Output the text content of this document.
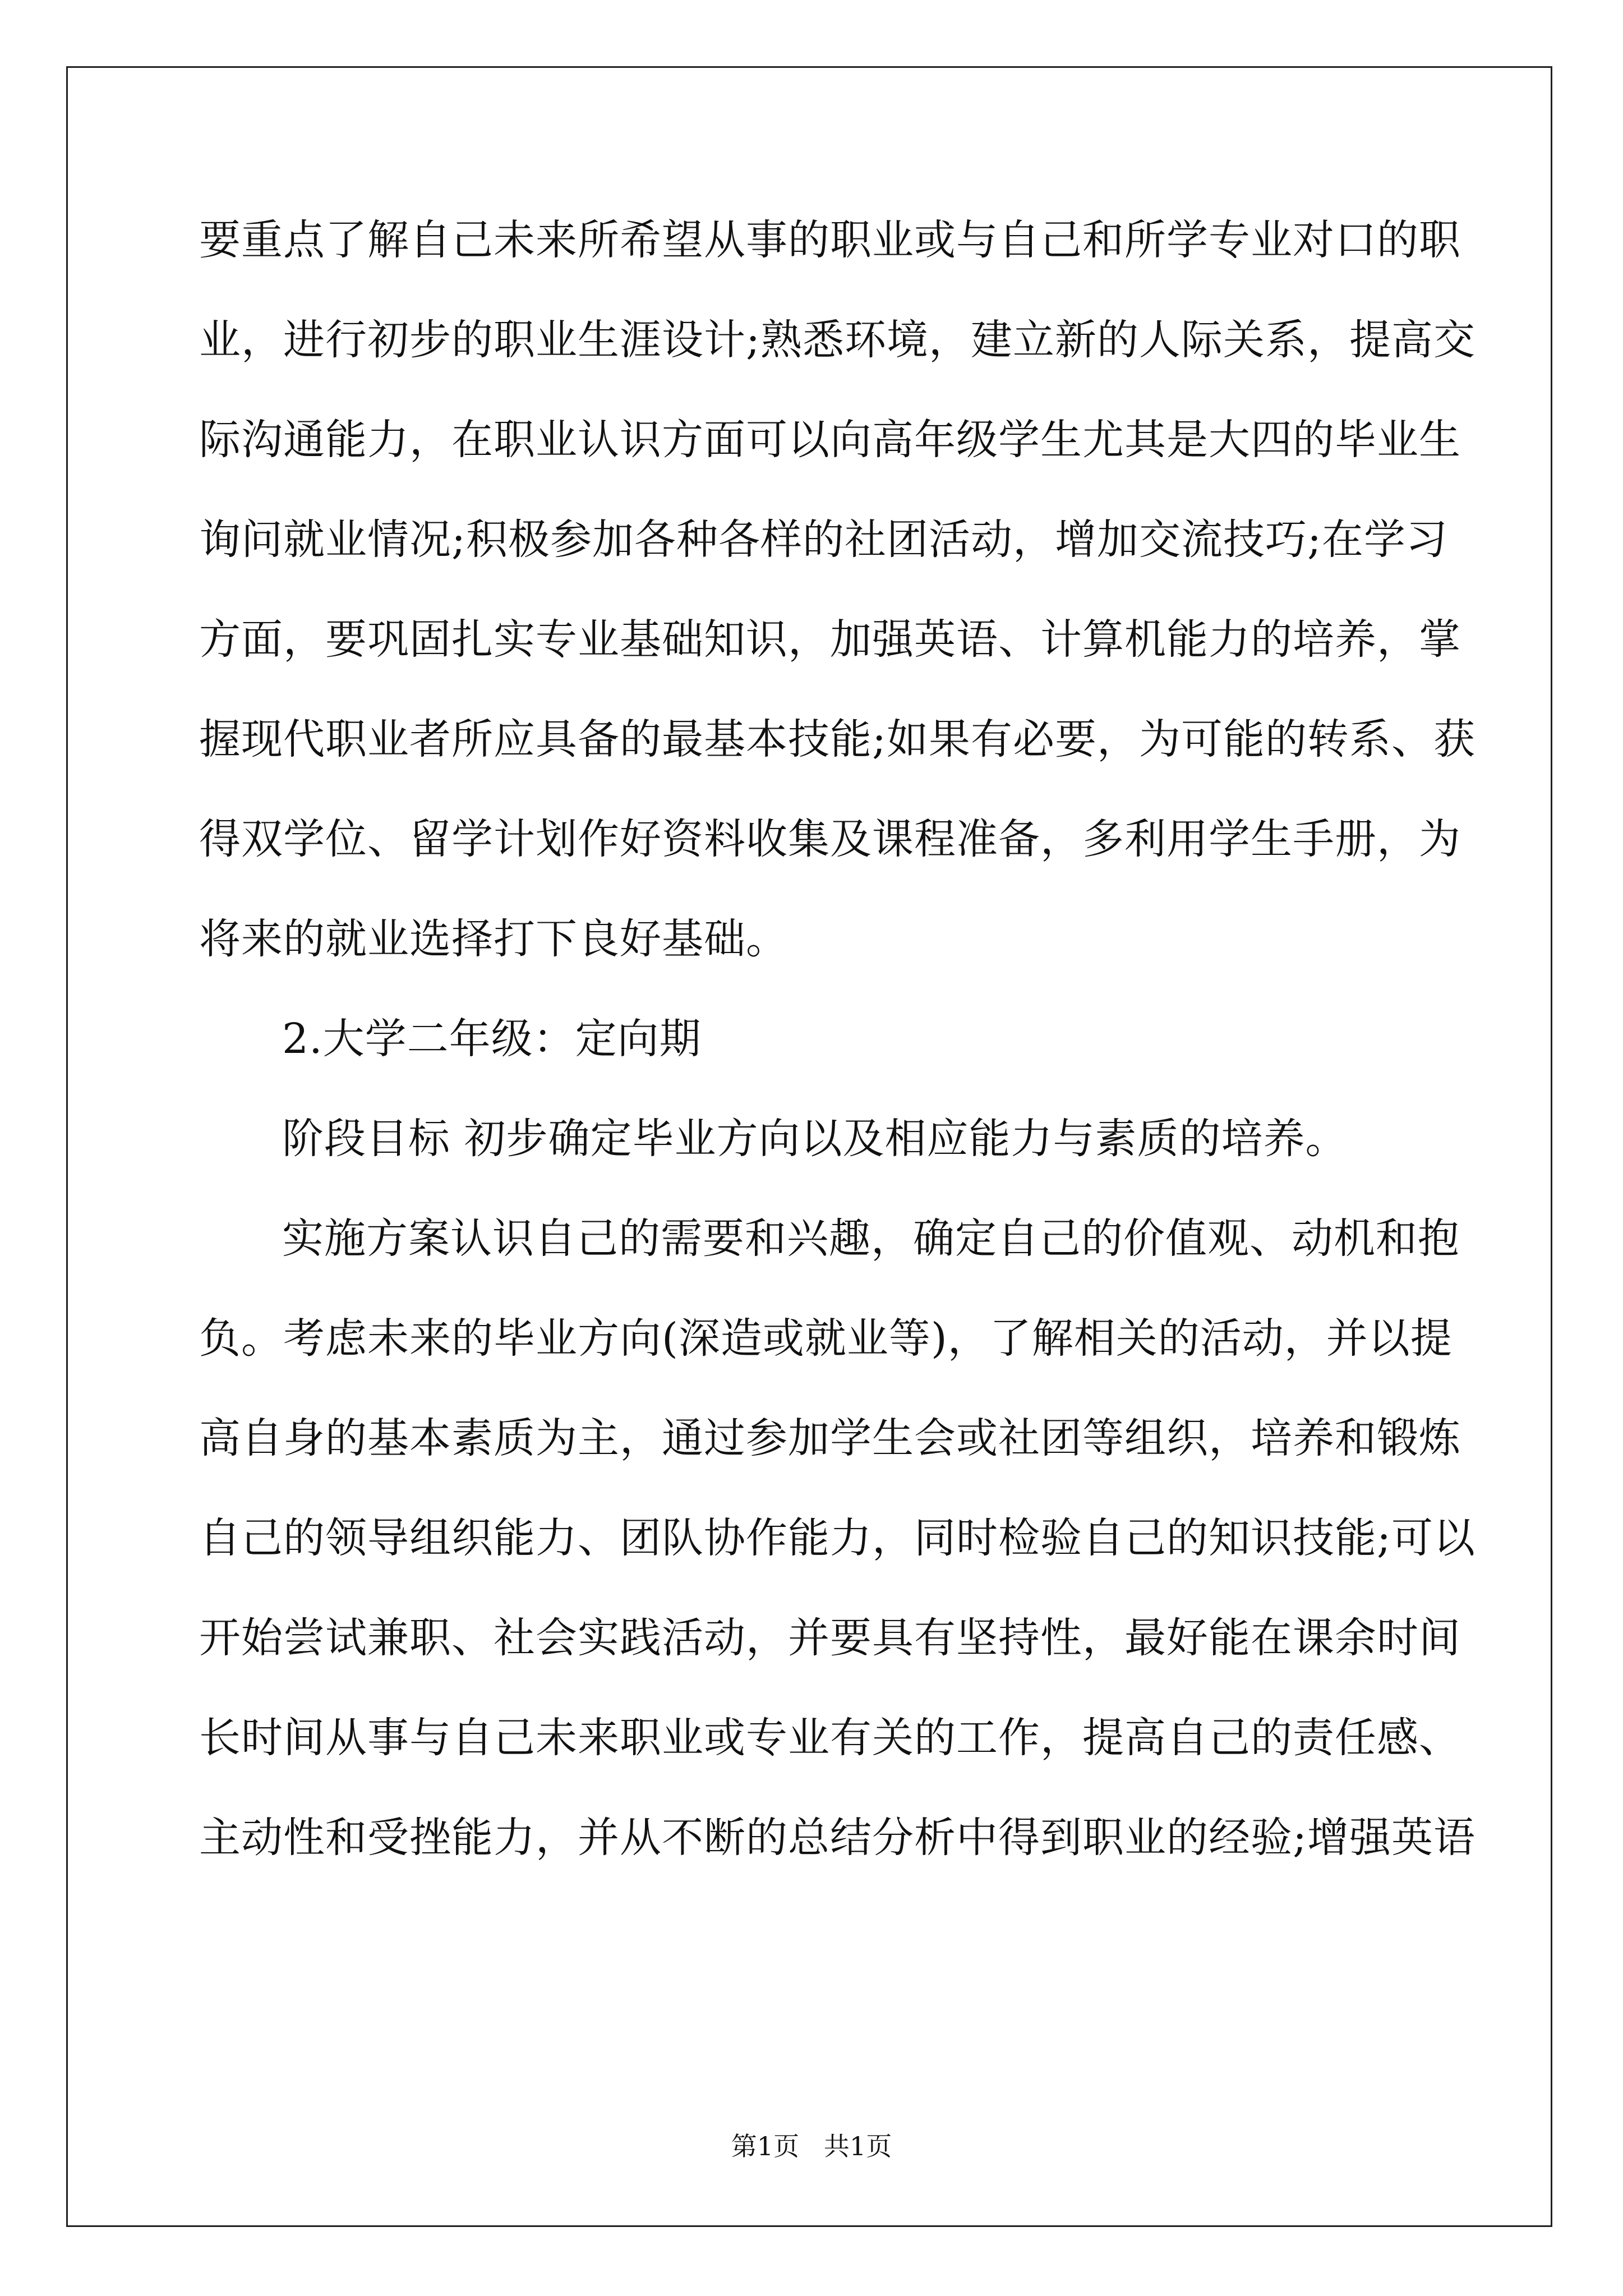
要 重 点 了 解 自 己 未 来 所 希 望 从 事 的 职 业 或 与 自 己 和 所 学 专 业 对 口 的 职
业 ， 进 行 初 步 的 职 业 生 涯 设 计 ; 熟 悉 环 境 ， 建 立 新 的 人 际 关 系 ， 提 高 交
际 沟 通 能 力 ， 在 职 业 认 识 方 面 可 以 向 高 年 级 学 生 尤 其 是 大 四 的 毕 业 生
询 问 就 业 情 况 ; 积 极 参 加 各 种 各 样 的 社 团 活 动 ， 增 加 交 流 技 巧 ; 在 学 习
方 面 ， 要 巩 固 扎 实 专 业 基 础 知 识 ， 加 强 英 语 、 计 算 机 能 力 的 培 养 ， 掌
握 现 代 职 业 者 所 应 具 备 的 最 基 本 技 能 ; 如 果 有 必 要 ， 为 可 能 的 转 系 、 获
得 双 学 位 、 留 学 计 划 作 好 资 料 收 集 及 课 程 准 备 ， 多 利 用 学 生 手 册 ， 为
将来的就业选择打下良好基础。
2.大学二年级：定向期
阶段目标 初步确定毕业方向以及相应能力与素质的培养。
实 施 方 案 认 识 自 己 的 需 要 和 兴 趣 ， 确 定 自 己 的 价 值 观 、 动 机 和 抱
负 。 考 虑 未 来 的 毕 业 方 向 ( 深 造 或 就 业 等 ) ， 了 解 相 关 的 活 动 ， 并 以 提
高 自 身 的 基 本 素 质 为 主 ， 通 过 参 加 学 生 会 或 社 团 等 组 织 ， 培 养 和 锻 炼
自 己 的 领 导 组 织 能 力 、 团 队 协 作 能 力 ， 同 时 检 验 自 己 的 知 识 技 能 ; 可 以
开 始 尝 试 兼 职 、 社 会 实 践 活 动 ， 并 要 具 有 坚 持 性 ， 最 好 能 在 课 余 时 间
长 时 间 从 事 与 自 己 未 来 职 业 或 专 业 有 关 的 工 作 ， 提 高 自 己 的 责 任 感 、
主 动 性 和 受 挫 能 力 ， 并 从 不 断 的 总 结 分 析 中 得 到 职 业 的 经 验 ; 增 强 英 语
第1页   共1页
